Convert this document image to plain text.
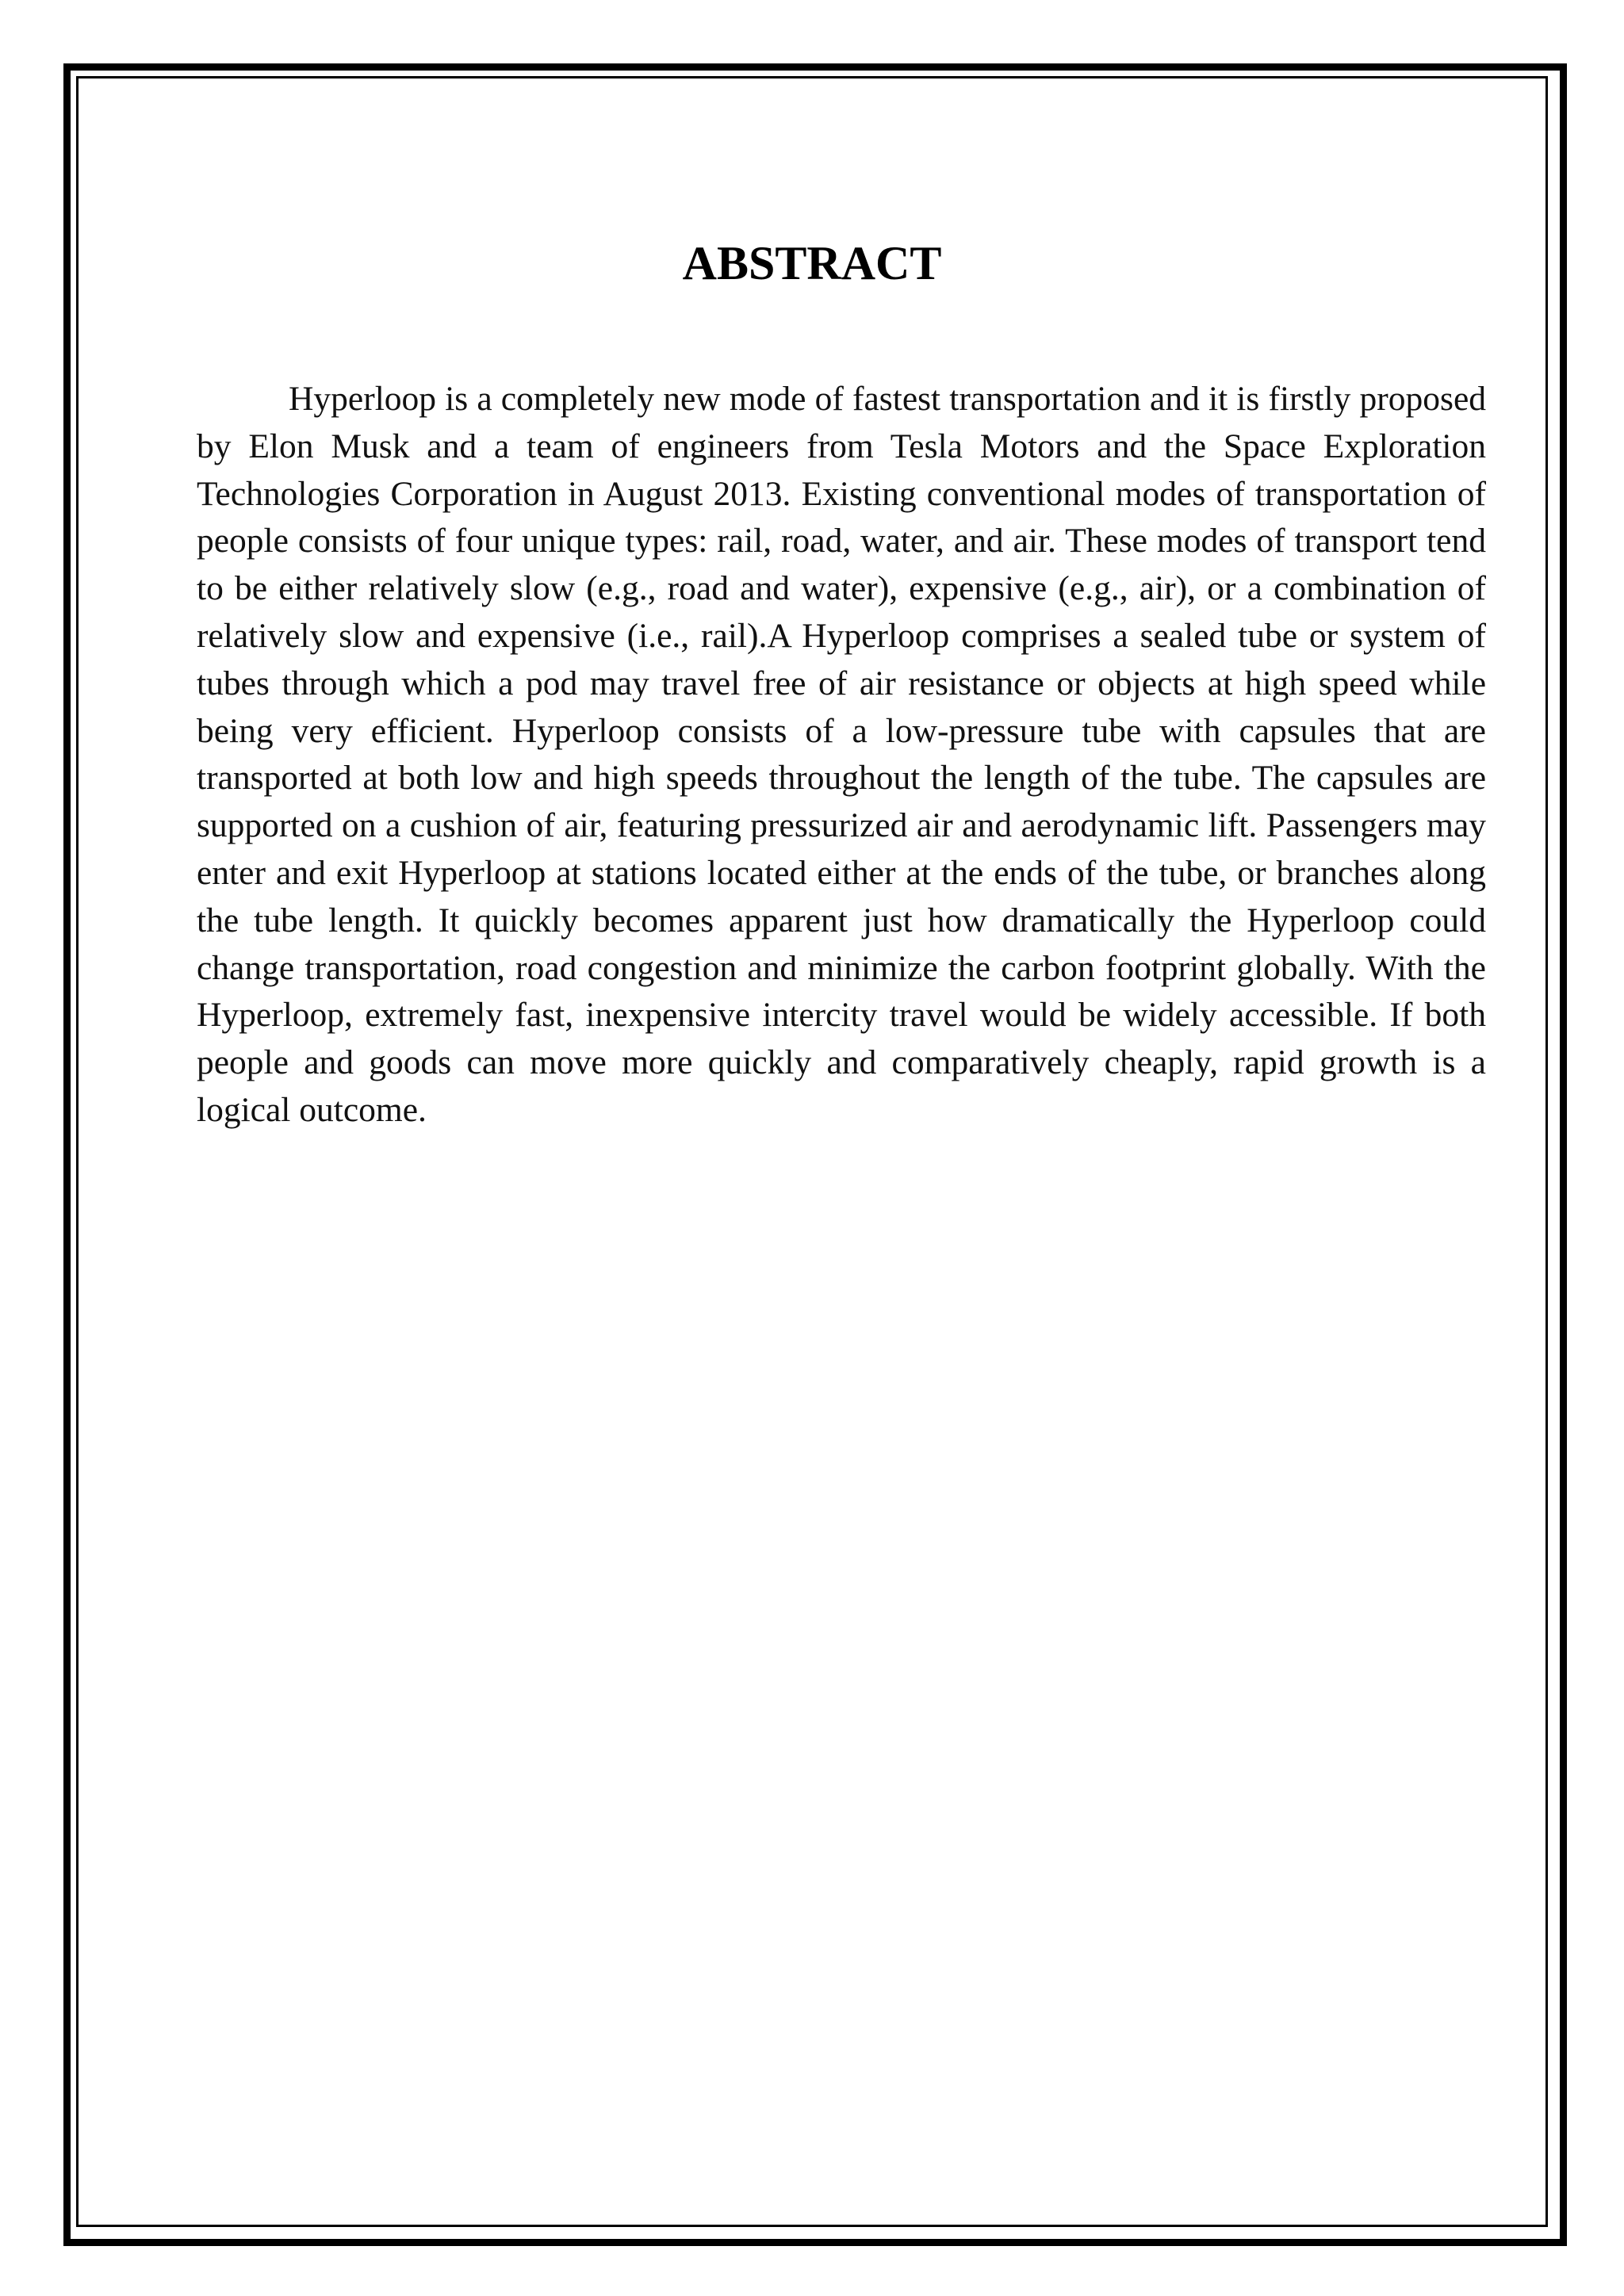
ABSTRACT

Hyperloop is a completely new mode of fastest transportation and it is firstly proposed by Elon Musk and a team of engineers from Tesla Motors and the Space Exploration Technologies Corporation in August 2013. Existing conventional modes of transportation of people consists of four unique types: rail, road, water, and air. These modes of transport tend to be either relatively slow (e.g., road and water), expensive (e.g., air), or a combination of relatively slow and expensive (i.e., rail).A Hyperloop comprises a sealed tube or system of tubes through which a pod may travel free of air resistance or objects at high speed while being very efficient. Hyperloop consists of a low-pressure tube with capsules that are transported at both low and high speeds throughout the length of the tube. The capsules are supported on a cushion of air, featuring pressurized air and aerodynamic lift. Passengers may enter and exit Hyperloop at stations located either at the ends of the tube, or branches along the tube length. It quickly becomes apparent just how dramatically the Hyperloop could change transportation, road congestion and minimize the carbon footprint globally. With the Hyperloop, extremely fast, inexpensive intercity travel would be widely accessible. If both people and goods can move more quickly and comparatively cheaply, rapid growth is a logical outcome.
